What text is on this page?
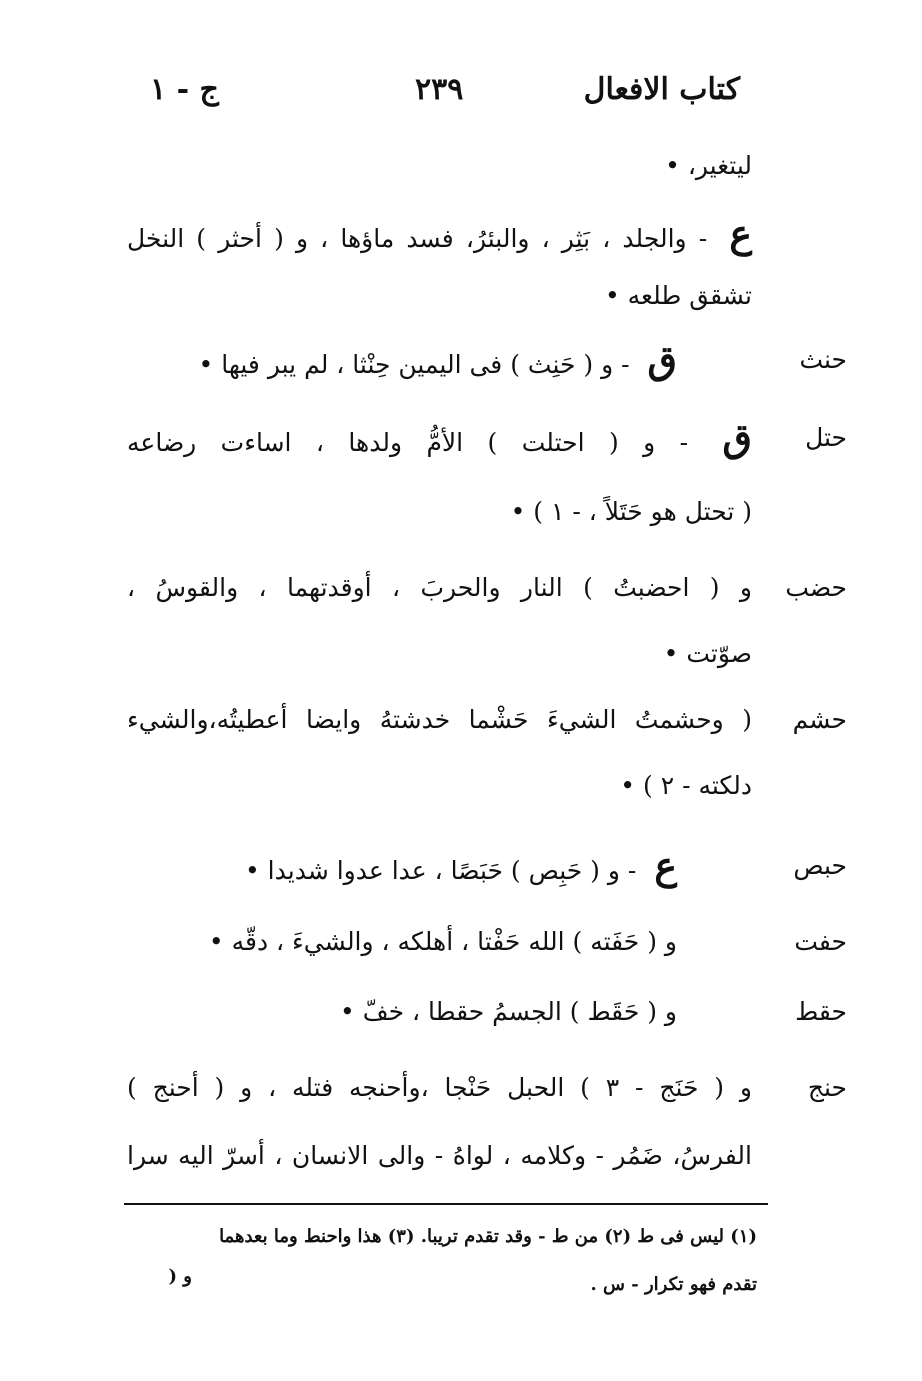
كتاب الافعال
٢٣٩
ج - ١
ليتغير، •
ع - والجلد ، بَثِر ، والبئرُ، فسد ماؤها ، و ( أحثر ) النخل
تشقق طلعه •
حنث
ق - و ( حَنِث ) فى اليمين حِنْثا ، لم يبر فيها •
حتل
ق - و ( احتلت ) الأمُّ ولدها ، اساءت رضاعه
( تحتل هو حَتَلاً ، - ١ ) •
حضب
و ( احضبتُ ) النار والحربَ ، أوقدتهما ، والقوسُ ،
صوّتت •
حشم
( وحشمتُ الشيءَ حَشْما خدشتهُ وايضا أعطيتُه،والشيء
دلكته - ٢ ) •
حبص
ع - و ( حَبِص ) حَبَصًا ، عدا عدوا شديدا •
حفت
و ( حَفَته ) الله حَفْتا ، أهلكه ، والشيءَ ، دقّه •
حقط
و ( حَقَط ) الجسمُ حقطا ، خفّ •
حنج
و ( حَنَج - ٣ ) الحبل حَنْجا ،وأحنجه فتله ، و ( أحنج )
الفرسُ، ضَمُر - وكلامه ، لواهُ - والى الانسان ، أسرّ اليه سرا
(١) ليس فى ط (٢) من ط - وقد تقدم تريبا. (٣) هذا واحنط وما بعدهما
تقدم فهو تكرار - س .
و (
